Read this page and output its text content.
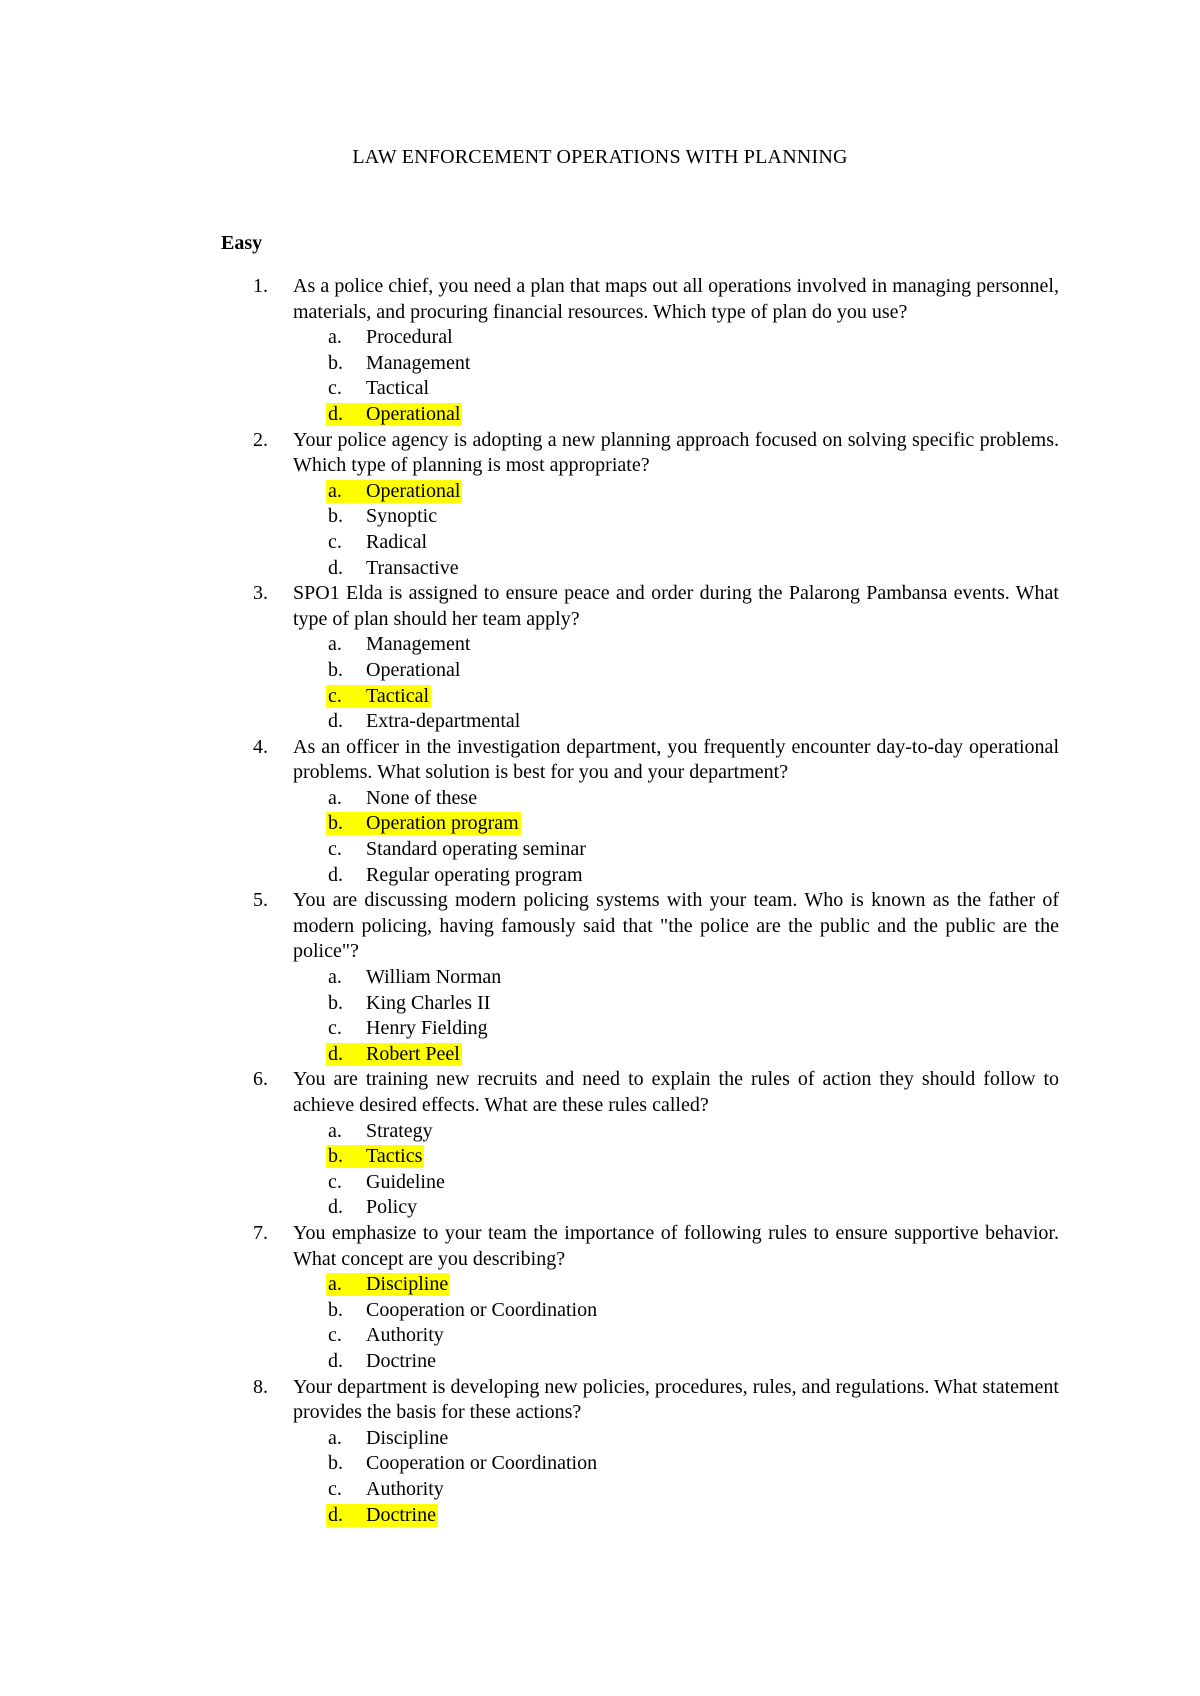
LAW ENFORCEMENT OPERATIONS WITH PLANNING
Easy
1.	As a police chief, you need a plan that maps out all operations involved in managing personnel, materials, and procuring financial resources. Which type of plan do you use?
a. Procedural
b. Management
c. Tactical
d. Operational
2.	Your police agency is adopting a new planning approach focused on solving specific problems. Which type of planning is most appropriate?
a. Operational
b. Synoptic
c. Radical
d. Transactive
3.	SPO1 Elda is assigned to ensure peace and order during the Palarong Pambansa events. What type of plan should her team apply?
a. Management
b. Operational
c. Tactical
d. Extra-departmental
4.	As an officer in the investigation department, you frequently encounter day-to-day operational problems. What solution is best for you and your department?
a. None of these
b. Operation program
c. Standard operating seminar
d. Regular operating program
5.	You are discussing modern policing systems with your team. Who is known as the father of modern policing, having famously said that "the police are the public and the public are the police"?
a. William Norman
b. King Charles II
c. Henry Fielding
d. Robert Peel
6.	You are training new recruits and need to explain the rules of action they should follow to achieve desired effects. What are these rules called?
a. Strategy
b. Tactics
c. Guideline
d. Policy
7.	You emphasize to your team the importance of following rules to ensure supportive behavior. What concept are you describing?
a. Discipline
b. Cooperation or Coordination
c. Authority
d. Doctrine
8.	Your department is developing new policies, procedures, rules, and regulations. What statement provides the basis for these actions?
a. Discipline
b. Cooperation or Coordination
c. Authority
d. Doctrine
